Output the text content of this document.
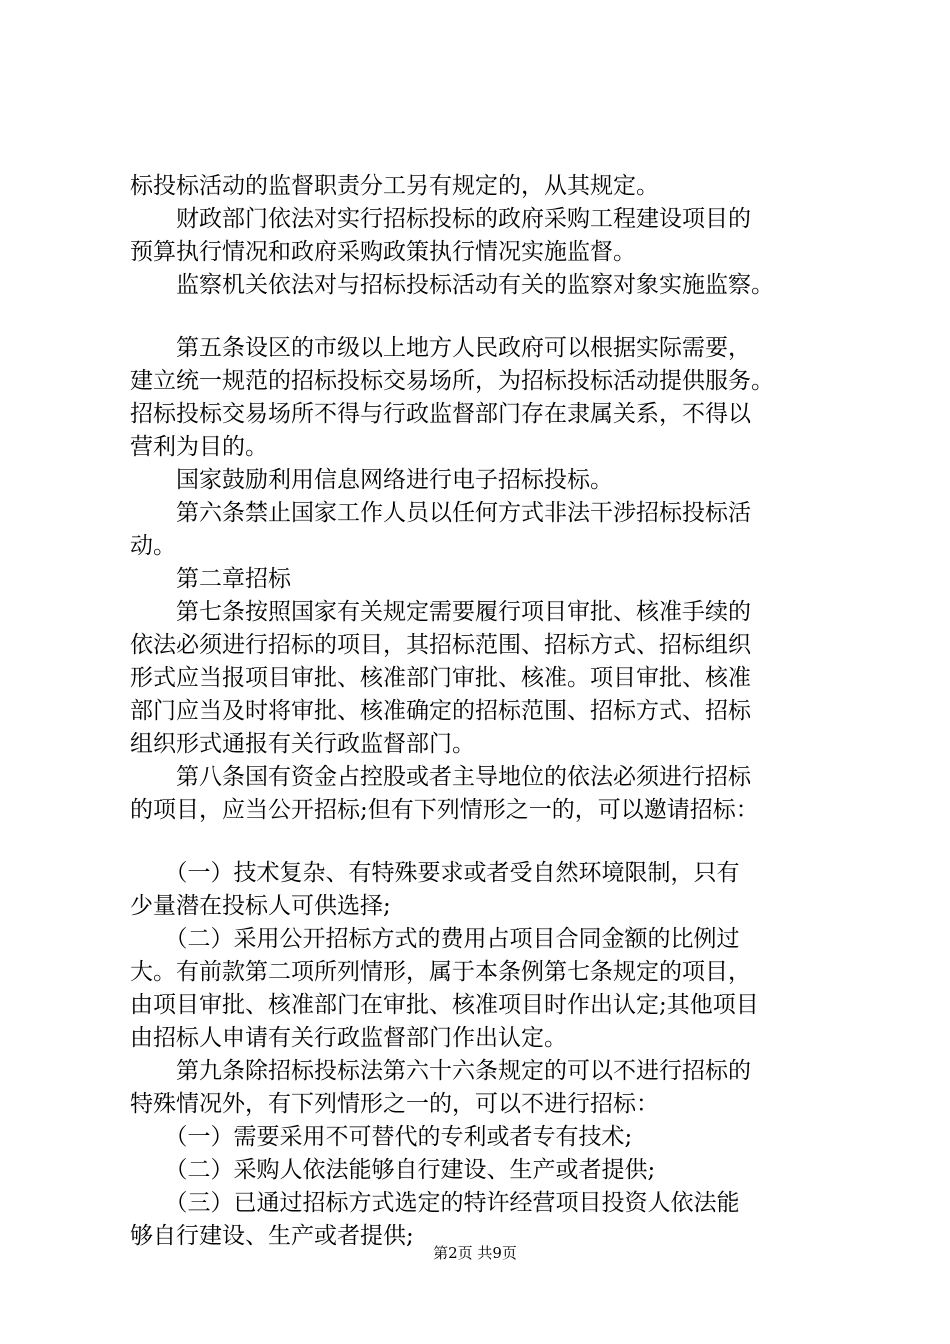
标投标活动的监督职责分工另有规定的，从其规定。
　　财政部门依法对实行招标投标的政府采购工程建设项目的
预算执行情况和政府采购政策执行情况实施监督。
　　监察机关依法对与招标投标活动有关的监察对象实施监察。
　　第五条设区的市级以上地方人民政府可以根据实际需要，
建立统一规范的招标投标交易场所，为招标投标活动提供服务。
招标投标交易场所不得与行政监督部门存在隶属关系，不得以
营利为目的。
　　国家鼓励利用信息网络进行电子招标投标。
　　第六条禁止国家工作人员以任何方式非法干涉招标投标活
动。
　　第二章招标
　　第七条按照国家有关规定需要履行项目审批、核准手续的
依法必须进行招标的项目，其招标范围、招标方式、招标组织
形式应当报项目审批、核准部门审批、核准。项目审批、核准
部门应当及时将审批、核准确定的招标范围、招标方式、招标
组织形式通报有关行政监督部门。
　　第八条国有资金占控股或者主导地位的依法必须进行招标
的项目，应当公开招标;但有下列情形之一的，可以邀请招标：
　　（一）技术复杂、有特殊要求或者受自然环境限制，只有
少量潜在投标人可供选择;
　　（二）采用公开招标方式的费用占项目合同金额的比例过
大。有前款第二项所列情形，属于本条例第七条规定的项目，
由项目审批、核准部门在审批、核准项目时作出认定;其他项目
由招标人申请有关行政监督部门作出认定。
　　第九条除招标投标法第六十六条规定的可以不进行招标的
特殊情况外，有下列情形之一的，可以不进行招标：
　　（一）需要采用不可替代的专利或者专有技术;
　　（二）采购人依法能够自行建设、生产或者提供;
　　（三）已通过招标方式选定的特许经营项目投资人依法能
够自行建设、生产或者提供;
第2页 共9页
